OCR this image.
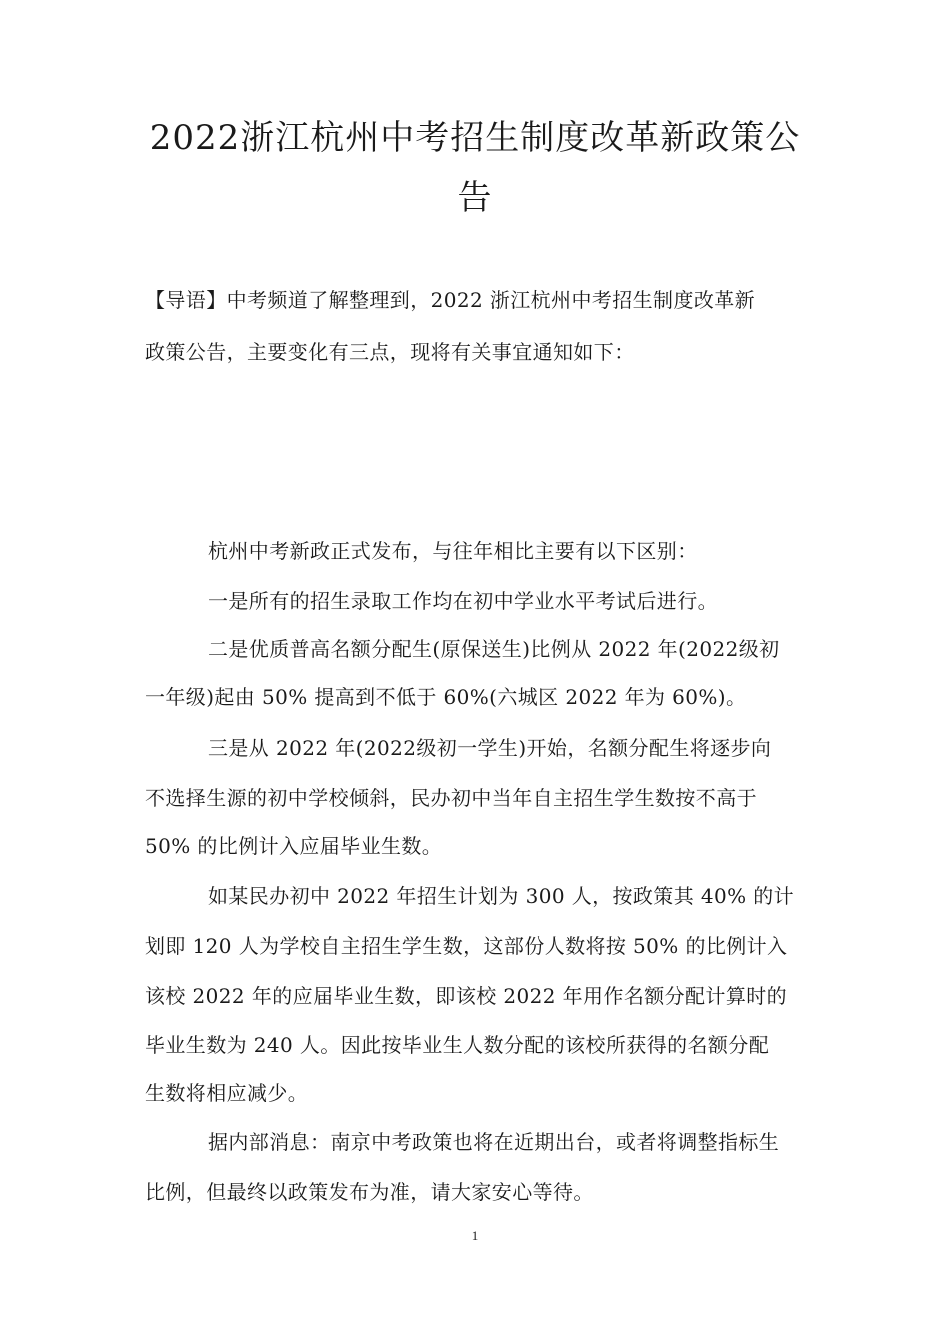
2022浙江杭州中考招生制度改革新政策公
告
【导语】中考频道了解整理到，2022 浙江杭州中考招生制度改革新
政策公告，主要变化有三点，现将有关事宜通知如下：
杭州中考新政正式发布，与往年相比主要有以下区别：
一是所有的招生录取工作均在初中学业水平考试后进行。
二是优质普高名额分配生(原保送生)比例从 2022 年(2022级初
一年级)起由 50% 提高到不低于 60%(六城区 2022 年为 60%)。
三是从 2022 年(2022级初一学生)开始，名额分配生将逐步向
不选择生源的初中学校倾斜，民办初中当年自主招生学生数按不高于
50% 的比例计入应届毕业生数。
如某民办初中 2022 年招生计划为 300 人，按政策其 40% 的计
划即 120 人为学校自主招生学生数，这部份人数将按 50% 的比例计入
该校 2022 年的应届毕业生数，即该校 2022 年用作名额分配计算时的
毕业生数为 240 人。因此按毕业生人数分配的该校所获得的名额分配
生数将相应减少。
据内部消息：南京中考政策也将在近期出台，或者将调整指标生
比例，但最终以政策发布为准，请大家安心等待。
1
